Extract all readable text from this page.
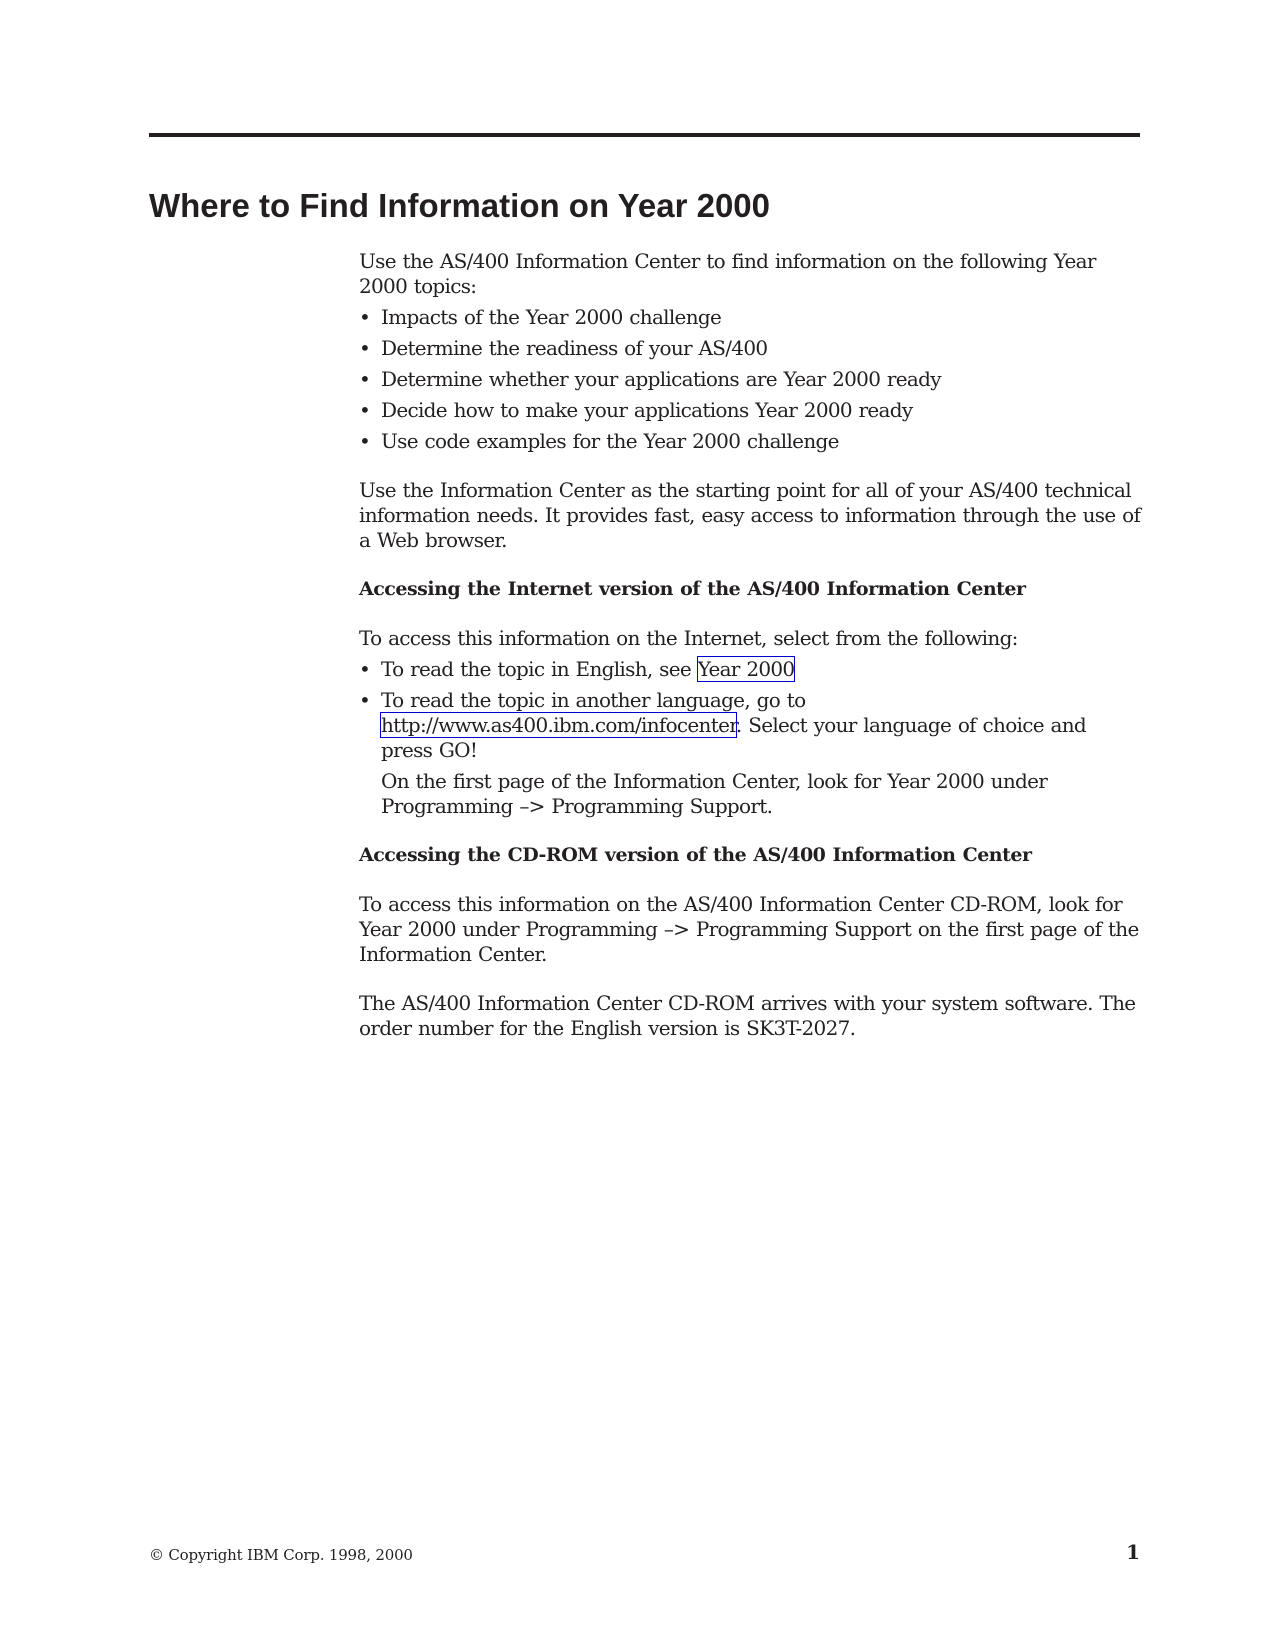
Where to Find Information on Year 2000

Use the AS/400 Information Center to find information on the following Year 2000 topics:

• Impacts of the Year 2000 challenge
• Determine the readiness of your AS/400
• Determine whether your applications are Year 2000 ready
• Decide how to make your applications Year 2000 ready
• Use code examples for the Year 2000 challenge

Use the Information Center as the starting point for all of your AS/400 technical information needs. It provides fast, easy access to information through the use of a Web browser.

Accessing the Internet version of the AS/400 Information Center

To access this information on the Internet, select from the following:

• To read the topic in English, see Year 2000
• To read the topic in another language, go to http://www.as400.ibm.com/infocenter. Select your language of choice and press GO!
On the first page of the Information Center, look for Year 2000 under Programming –> Programming Support.

Accessing the CD-ROM version of the AS/400 Information Center

To access this information on the AS/400 Information Center CD-ROM, look for Year 2000 under Programming –> Programming Support on the first page of the Information Center.

The AS/400 Information Center CD-ROM arrives with your system software. The order number for the English version is SK3T-2027.

© Copyright IBM Corp. 1998, 2000	1
